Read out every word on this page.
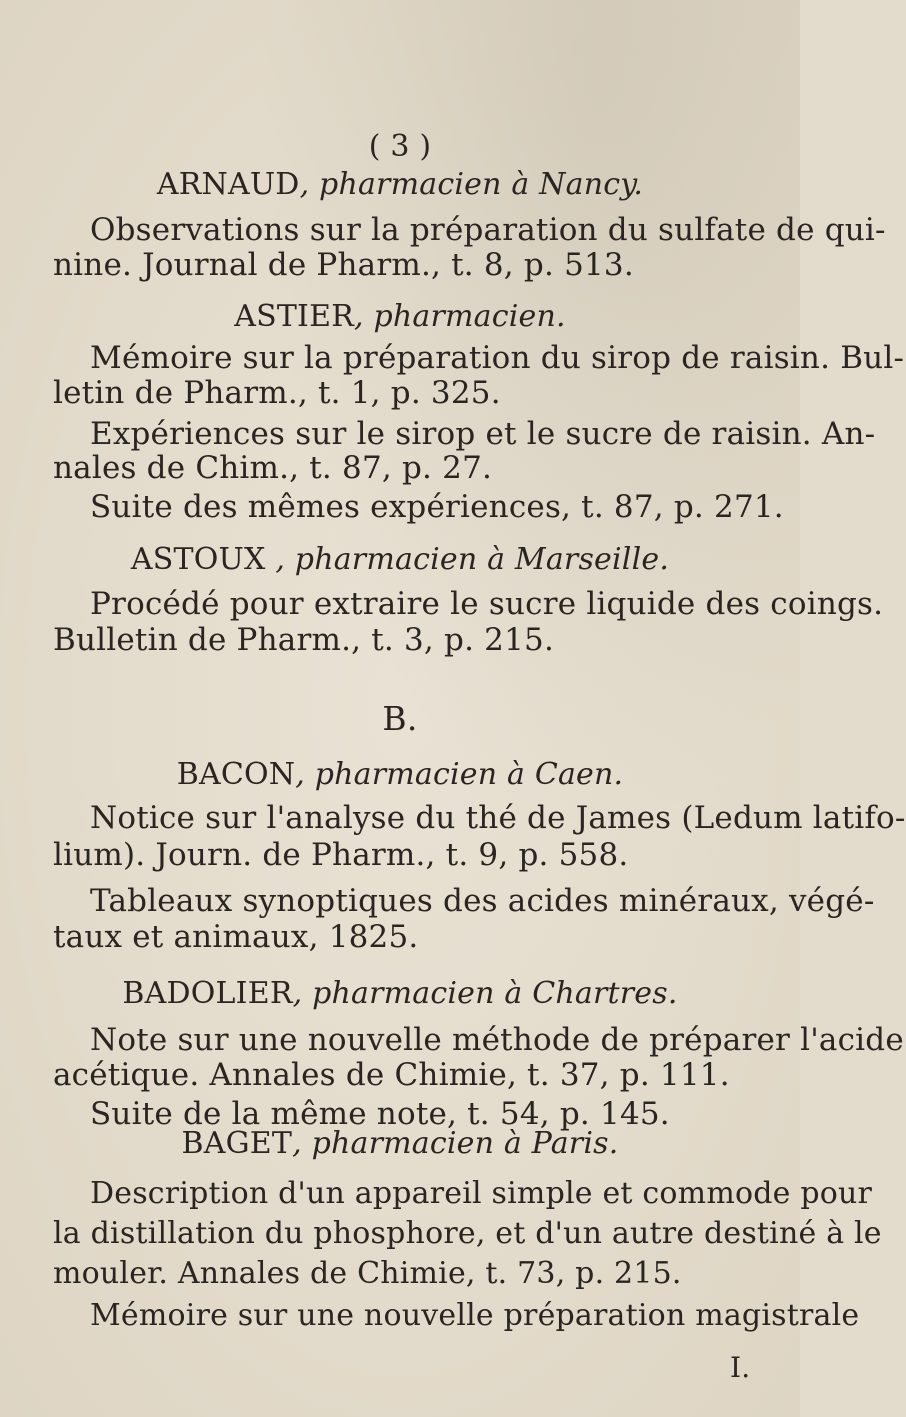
( 3 )
ARNAUD, pharmacien à Nancy.
Observations sur la préparation du sulfate de qui-
nine. Journal de Pharm., t. 8, p. 513.
ASTIER, pharmacien.
Mémoire sur la préparation du sirop de raisin. Bul-
letin de Pharm., t. 1, p. 325.
Expériences sur le sirop et le sucre de raisin. An-
nales de Chim., t. 87, p. 27.
Suite des mêmes expériences, t. 87, p. 271.
ASTOUX , pharmacien à Marseille.
Procédé pour extraire le sucre liquide des coings.
Bulletin de Pharm., t. 3, p. 215.
B.
BACON, pharmacien à Caen.
Notice sur l'analyse du thé de James (Ledum latifo-
lium). Journ. de Pharm., t. 9, p. 558.
Tableaux synoptiques des acides minéraux, végé-
taux et animaux, 1825.
BADOLIER, pharmacien à Chartres.
Note sur une nouvelle méthode de préparer l'acide
acétique. Annales de Chimie, t. 37, p. 111.
Suite de la même note, t. 54, p. 145.
BAGET, pharmacien à Paris.
Description d'un appareil simple et commode pour
la distillation du phosphore, et d'un autre destiné à le
mouler. Annales de Chimie, t. 73, p. 215.
Mémoire sur une nouvelle préparation magistrale
I.
